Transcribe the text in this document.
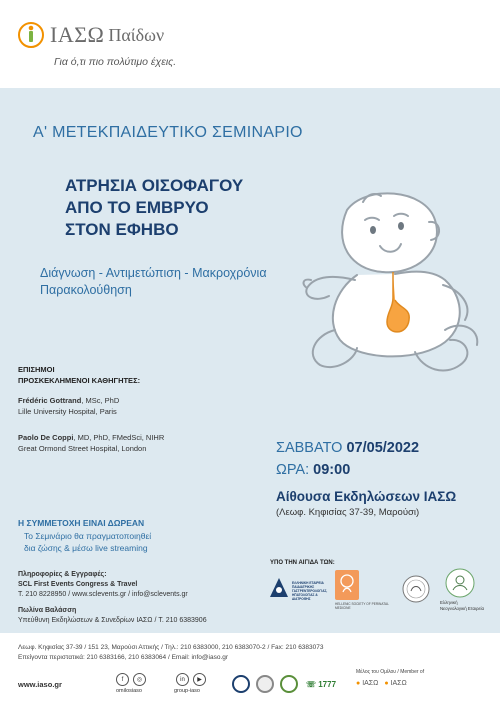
ΙΑΣΩ Παίδων
Για ό,τι πιο πολύτιμο έχεις.
Α' ΜΕΤΕΚΠΑΙΔΕΥΤΙΚΟ ΣΕΜΙΝΑΡΙΟ
ΑΤΡΗΣΙΑ ΟΙΣΟΦΑΓΟΥ
ΑΠΟ ΤΟ ΕΜΒΡΥΟ
ΣΤΟΝ ΕΦΗΒΟ
Διάγνωση - Αντιμετώπιση - Μακροχρόνια
Παρακολούθηση
ΕΠΙΣΗΜΟΙ
ΠΡΟΣΚΕΚΛΗΜΕΝΟΙ ΚΑΘΗΓΗΤΕΣ:
Frédéric Gottrand, MSc, PhD
Lille University Hospital, Paris
Paolo De Coppi, MD, PhD, FMedSci, NIHR
Great Ormond Street Hospital, London	ΣΑΒΒΑΤΟ 07/05/2022
ΩΡΑ: 09:00
Αίθουσα Εκδηλώσεων ΙΑΣΩ
(Λεωφ. Κηφισίας 37-39, Μαρούσι)
Η ΣΥΜΜΕΤΟΧΗ ΕΙΝΑΙ ΔΩΡΕΑΝ
Το Σεμινάριο θα πραγματοποιηθεί
δια ζώσης & μέσω live streaming
Πληροφορίες & Εγγραφές:
SCL First Events Congress & Travel
T. 210 8228950 / www.sclevents.gr / info@sclevents.gr
Πωλίνα Βαλάσση
Υπεύθυνη Εκδηλώσεων & Συνεδρίων ΙΑΣΩ / T. 210 6383906
ΥΠΟ ΤΗΝ ΑΙΓΙΔΑ ΤΩΝ:
ΕΛΛΗΝΙΚΗ ΕΤΑΙΡΕΙΑ ΠΑΙΔΙΑΤΡΙΚΗΣ ΓΑΣΤΡΕΝΤΕΡΟΛΟΓΙΑΣ, ΗΠΑΤΟΛΟΓΙΑΣ & ΔΙΑΤΡΟΦΗΣ
HELLENIC SOCIETY OF PERINATAL MEDICINE
Ελληνική Νεογνολογική Εταιρεία
Λεωφ. Κηφισίας 37-39 / 151 23, Μαρούσι Αττικής / Τηλ.: 210 6383000, 210 6383070-2 / Fax: 210 6383073
Επείγοντα περιστατικά: 210 6383166, 210 6383064 / Email: info@iaso.gr
www.iaso.gr
f	◎
omilosiaso
in	▶
group-iaso
☏ 1777
Μέλος του Ομίλου / Member of
● ΙΑΣΩ ● ΙΑΣΩ
